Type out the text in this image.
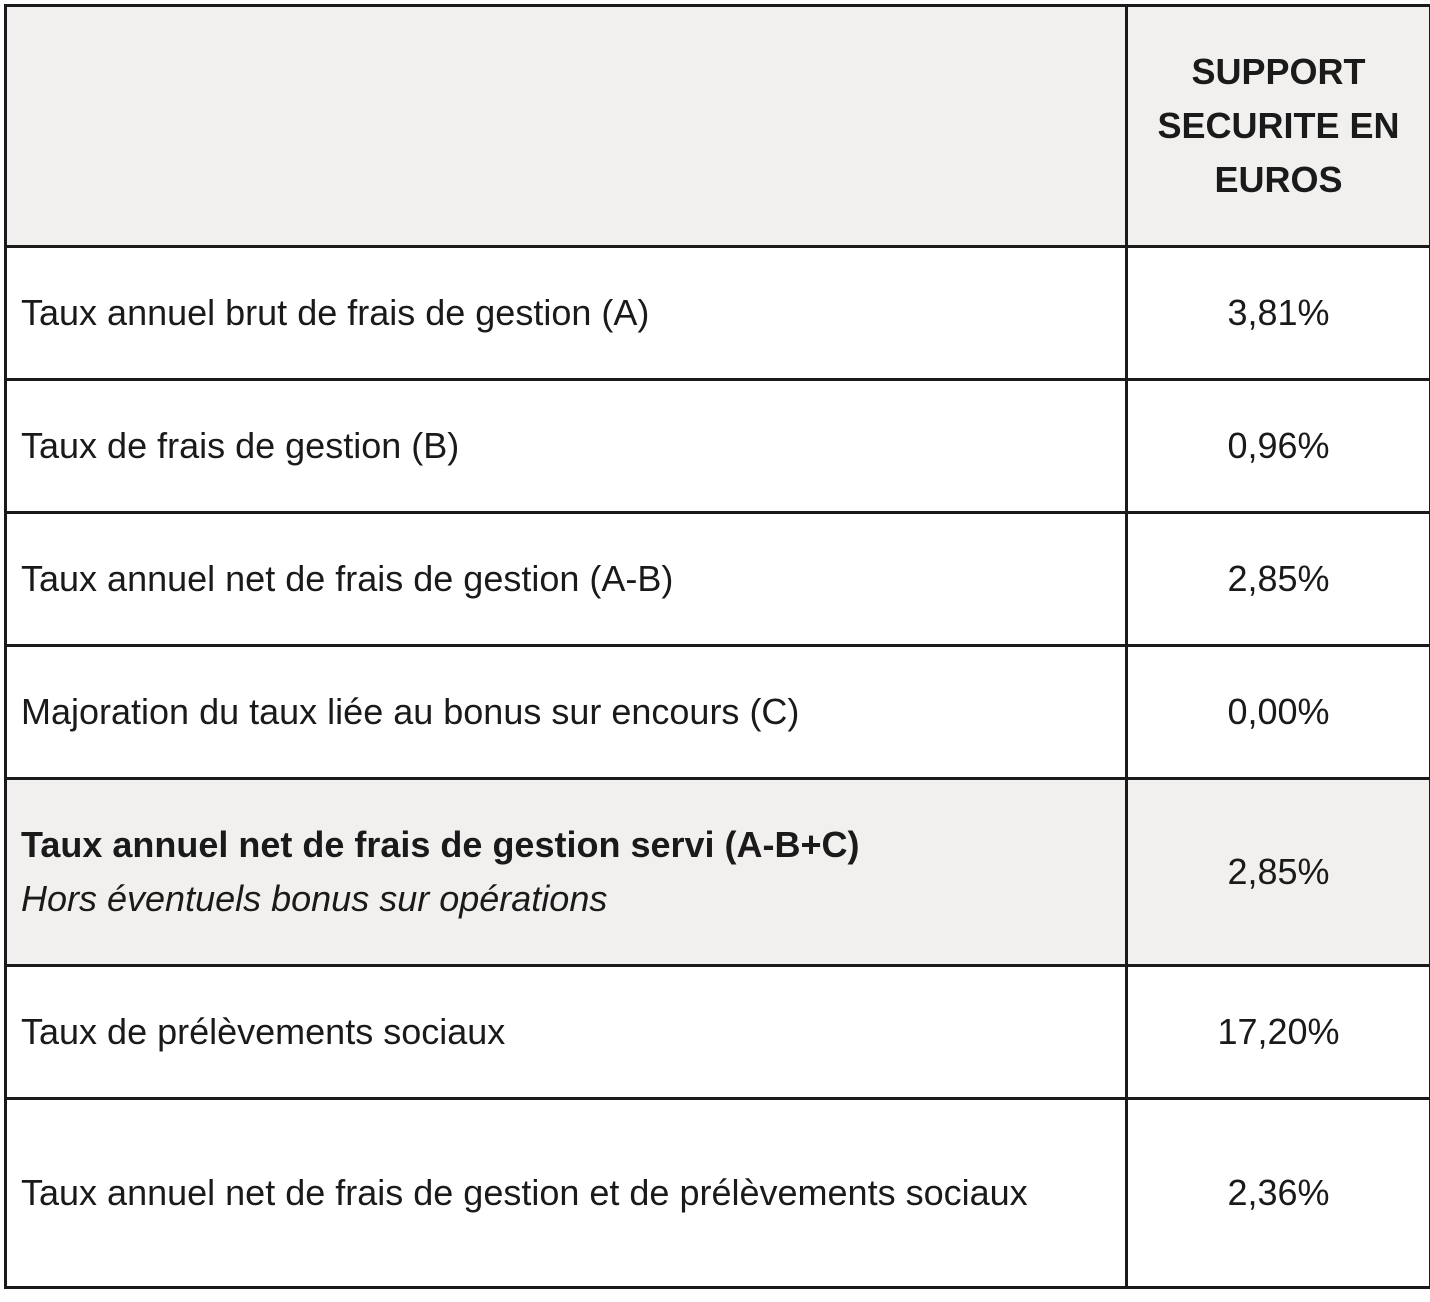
	SUPPORT
SECURITE EN
EUROS

Taux annuel brut de frais de gestion (A)	3,81%
Taux de frais de gestion (B)	0,96%
Taux annuel net de frais de gestion (A-B)	2,85%
Majoration du taux liée au bonus sur encours (C)	0,00%

Taux annuel net de frais de gestion servi (A-B+C)
Hors éventuels bonus sur opérations	2,85%
Taux de prélèvements sociaux	17,20%
Taux annuel net de frais de gestion et de prélèvements sociaux	2,36%
